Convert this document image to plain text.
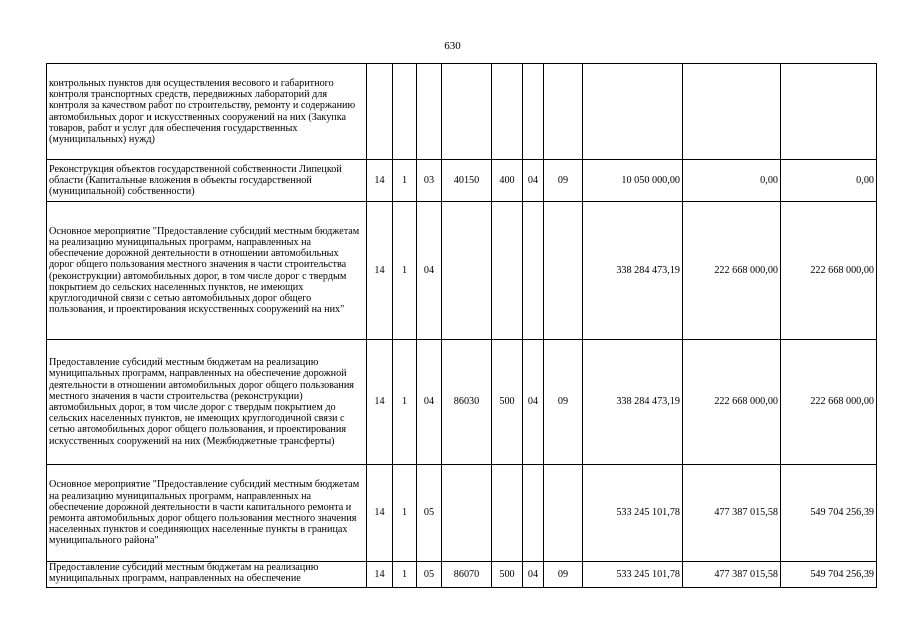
630
контрольных пунктов для осуществления весового и габаритного контроля транспортных средств, передвижных лабораторий для контроля за качеством работ по строительству, ремонту и содержанию автомобильных дорог и искусственных сооружений на них (Закупка товаров, работ и услуг для обеспечения государственных (муниципальных) нужд)										
Реконструкция объектов государственной собственности Липецкой области (Капитальные вложения в объекты государственной (муниципальной) собственности)	14	1	03	40150	400	04	09	10 050 000,00	0,00	0,00
Основное мероприятие "Предоставление субсидий местным бюджетам на реализацию муниципальных программ, направленных на обеспечение дорожной деятельности в отношении автомобильных дорог общего пользования местного значения в части строительства (реконструкции) автомобильных дорог, в том числе дорог с твердым покрытием до сельских населенных пунктов, не имеющих круглогодичной связи с сетью автомобильных дорог общего пользования, и проектирования искусственных сооружений на них"	14	1	04					338 284 473,19	222 668 000,00	222 668 000,00
Предоставление субсидий местным бюджетам на реализацию муниципальных программ, направленных на обеспечение дорожной деятельности в отношении автомобильных дорог общего пользования местного значения в части строительства (реконструкции) автомобильных дорог, в том числе дорог с твердым покрытием до сельских населенных пунктов, не имеющих круглогодичной связи с сетью автомобильных дорог общего пользования, и проектирования искусственных сооружений на них (Межбюджетные трансферты)	14	1	04	86030	500	04	09	338 284 473,19	222 668 000,00	222 668 000,00
Основное мероприятие "Предоставление субсидий местным бюджетам на реализацию муниципальных программ, направленных на обеспечение дорожной деятельности в части капитального ремонта и ремонта автомобильных дорог общего пользования местного значения населенных пунктов и соединяющих населенные пункты в границах муниципального района"	14	1	05					533 245 101,78	477 387 015,58	549 704 256,39
Предоставление субсидий местным бюджетам на реализацию муниципальных программ, направленных на обеспечение	14	1	05	86070	500	04	09	533 245 101,78	477 387 015,58	549 704 256,39
